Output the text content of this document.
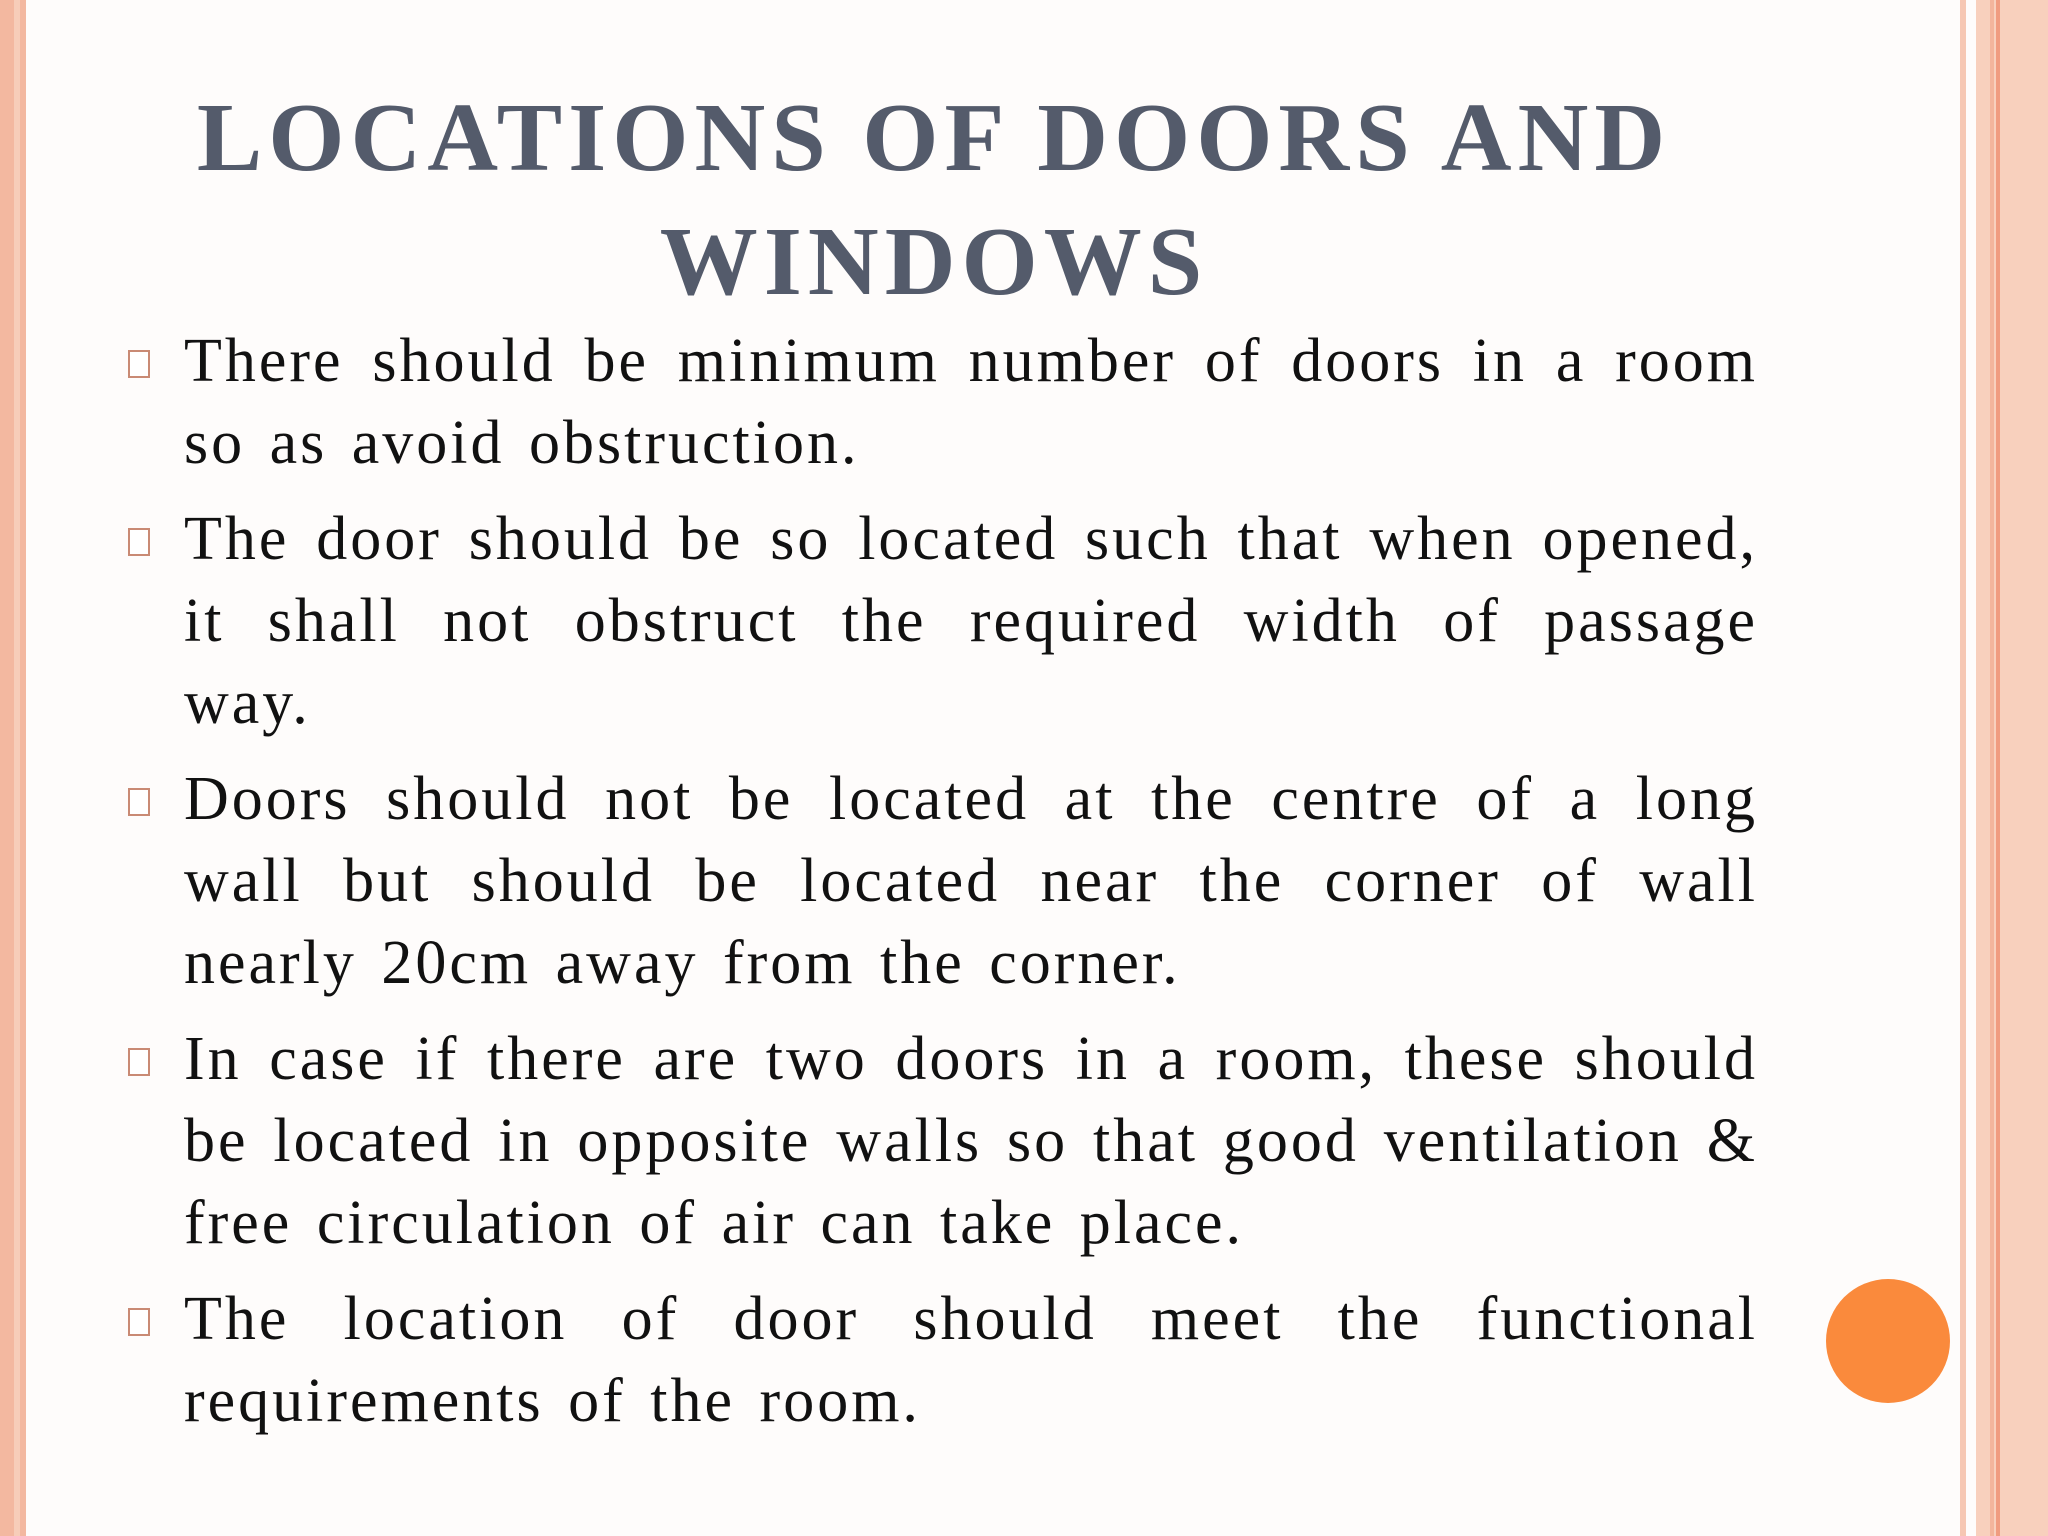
LOCATIONS OF DOORS AND WINDOWS
There should be minimum number of doors in a room so as avoid obstruction.
The door should be so located such that when opened, it shall not obstruct the required width of passage way.
Doors should not be located at the centre of a long wall but should be located near the corner of wall nearly 20cm away from the corner.
In case if there are two doors in a room, these should be located in opposite walls so that good ventilation & free circulation of air can take place.
The location of door should meet the functional requirements of the room.
